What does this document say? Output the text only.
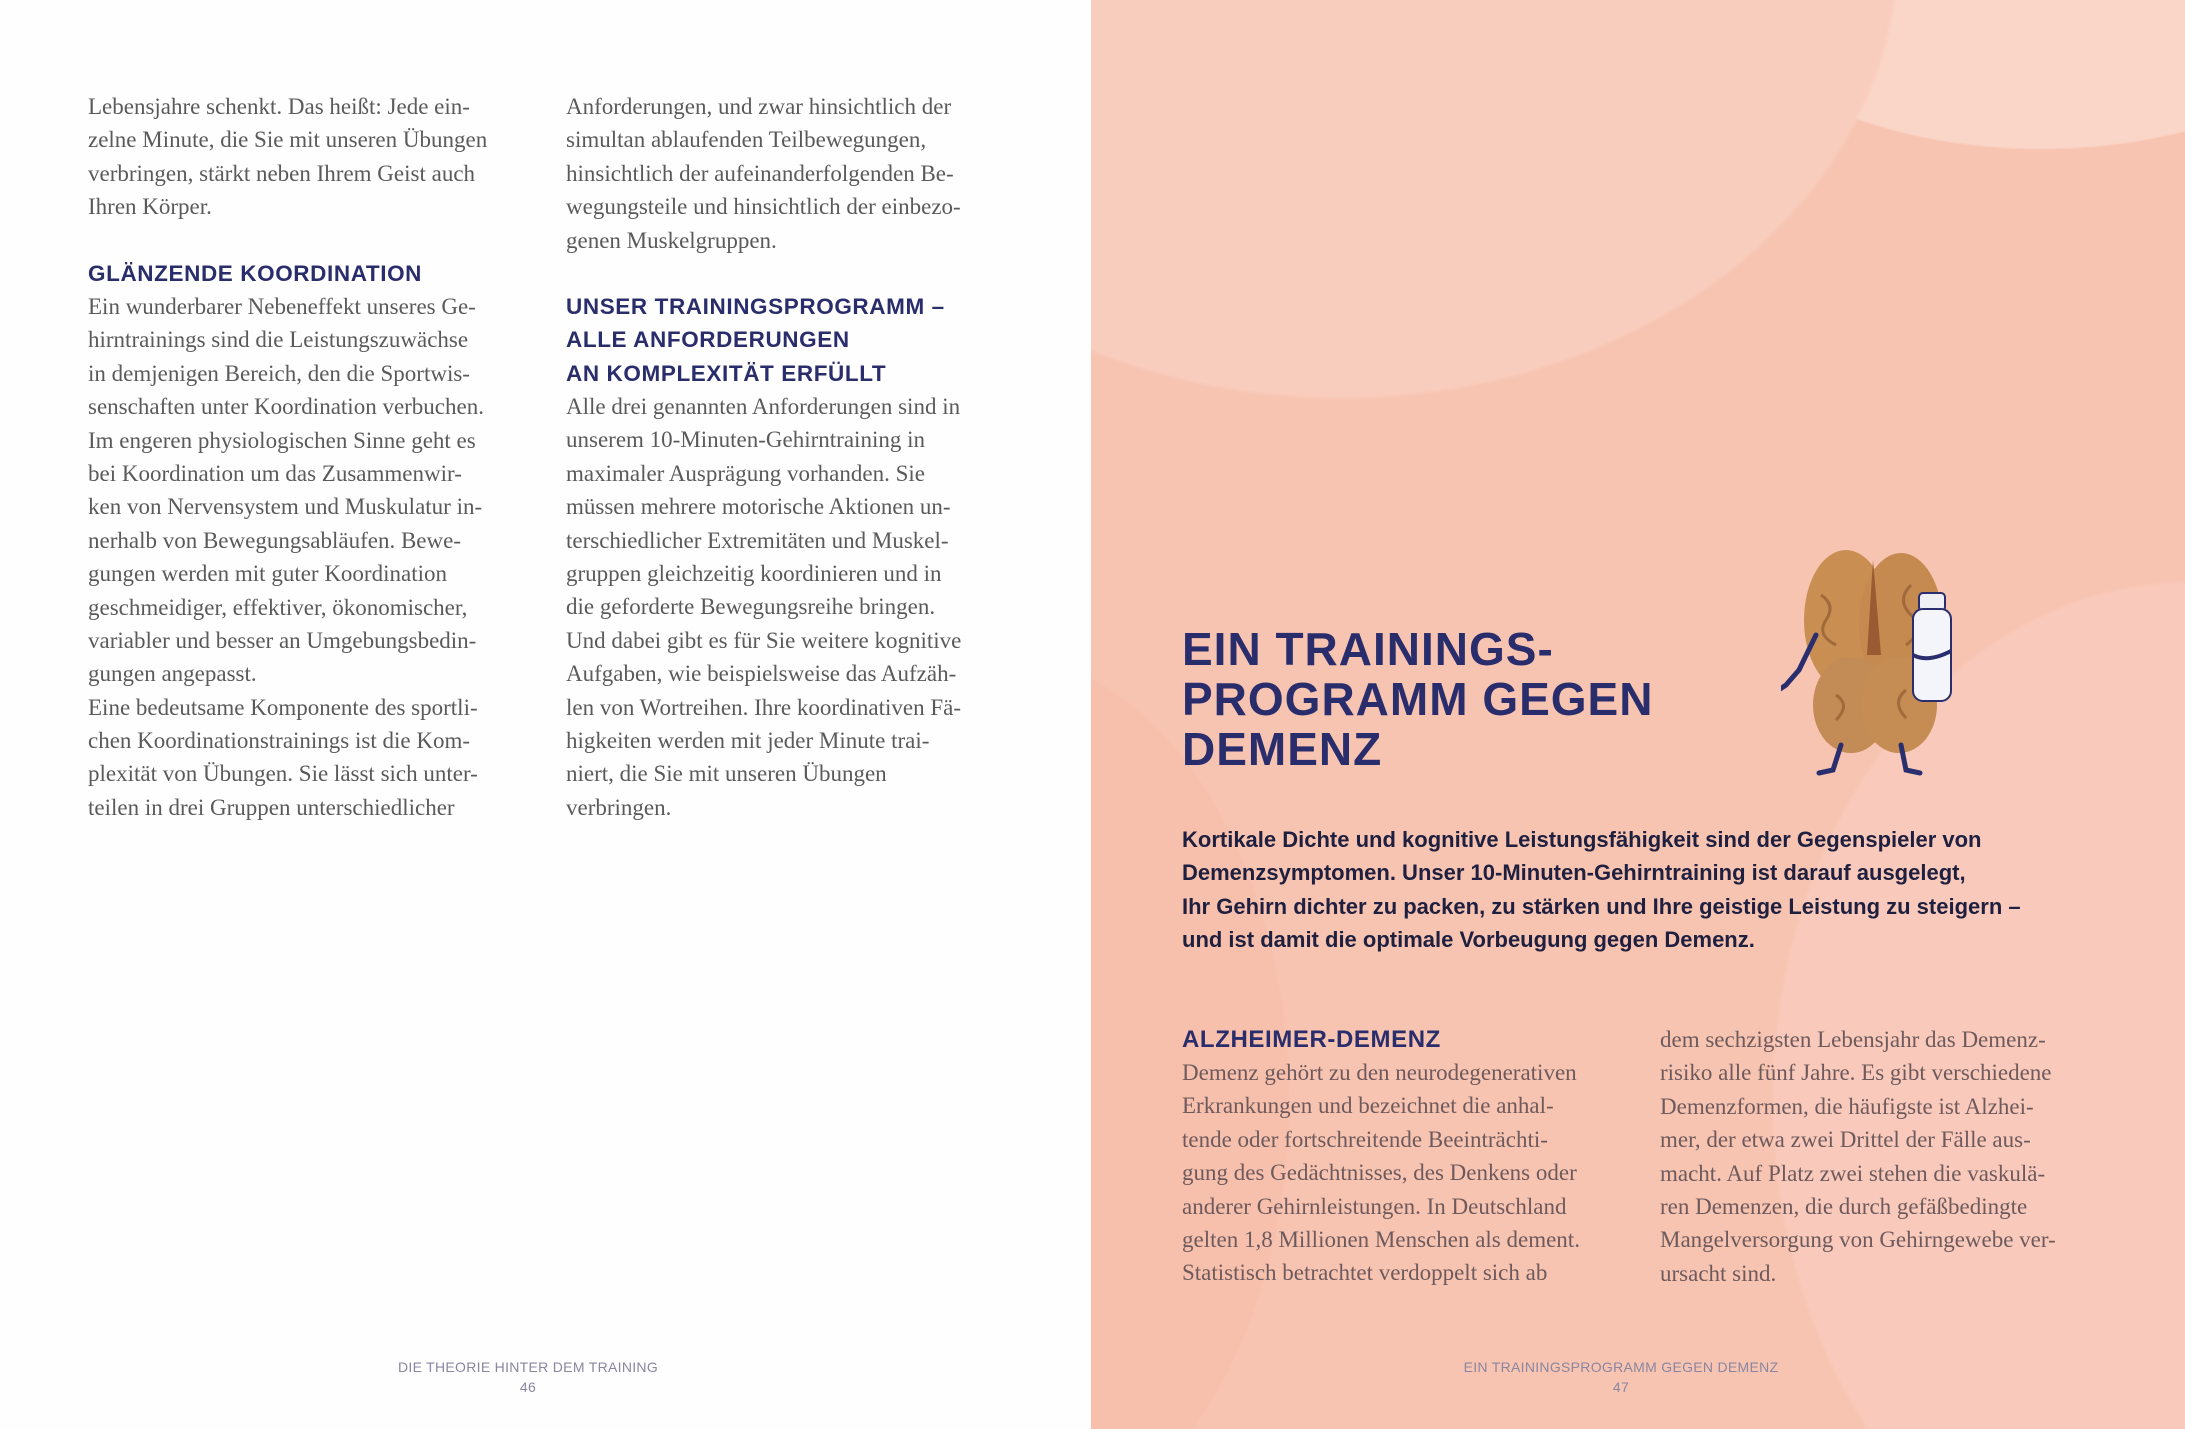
Lebensjahre schenkt. Das heißt: Jede ein-
zelne Minute, die Sie mit unseren Übungen
verbringen, stärkt neben Ihrem Geist auch
Ihren Körper.
GLÄNZENDE KOORDINATION
Ein wunderbarer Nebeneffekt unseres Ge-
hirntrainings sind die Leistungszuwächse
in demjenigen Bereich, den die Sportwis-
senschaften unter Koordination verbuchen.
Im engeren physiologischen Sinne geht es
bei Koordination um das Zusammenwir-
ken von Nervensystem und Muskulatur in-
nerhalb von Bewegungsabläufen. Bewe-
gungen werden mit guter Koordination
geschmeidiger, effektiver, ökonomischer,
variabler und besser an Umgebungsbedin-
gungen angepasst.
Eine bedeutsame Komponente des sportli-
chen Koordinationstrainings ist die Kom-
plexität von Übungen. Sie lässt sich unter-
teilen in drei Gruppen unterschiedlicher
Anforderungen, und zwar hinsichtlich der
simultan ablaufenden Teilbewegungen,
hinsichtlich der aufeinanderfolgenden Be-
wegungsteile und hinsichtlich der einbezo-
genen Muskelgruppen.
UNSER TRAININGSPROGRAMM –
ALLE ANFORDERUNGEN
AN KOMPLEXITÄT ERFÜLLT
Alle drei genannten Anforderungen sind in
unserem 10-Minuten-Gehirntraining in
maximaler Ausprägung vorhanden. Sie
müssen mehrere motorische Aktionen un-
terschiedlicher Extremitäten und Muskel-
gruppen gleichzeitig koordinieren und in
die geforderte Bewegungsreihe bringen.
Und dabei gibt es für Sie weitere kognitive
Aufgaben, wie beispielsweise das Aufzäh-
len von Wortreihen. Ihre koordinativen Fä-
higkeiten werden mit jeder Minute trai-
niert, die Sie mit unseren Übungen
verbringen.
DIE THEORIE HINTER DEM TRAINING
46
EIN TRAININGS-
PROGRAMM GEGEN
DEMENZ
Kortikale Dichte und kognitive Leistungsfähigkeit sind der Gegenspieler von
Demenzsymptomen. Unser 10-Minuten-Gehirntraining ist darauf ausgelegt,
Ihr Gehirn dichter zu packen, zu stärken und Ihre geistige Leistung zu steigern –
und ist damit die optimale Vorbeugung gegen Demenz.
ALZHEIMER-DEMENZ
Demenz gehört zu den neurodegenerativen
Erkrankungen und bezeichnet die anhal-
tende oder fortschreitende Beeinträchti-
gung des Gedächtnisses, des Denkens oder
anderer Gehirnleistungen. In Deutschland
gelten 1,8 Millionen Menschen als dement.
Statistisch betrachtet verdoppelt sich ab
dem sechzigsten Lebensjahr das Demenz-
risiko alle fünf Jahre. Es gibt verschiedene
Demenzformen, die häufigste ist Alzhei-
mer, der etwa zwei Drittel der Fälle aus-
macht. Auf Platz zwei stehen die vaskulä-
ren Demenzen, die durch gefäßbedingte
Mangelversorgung von Gehirngewebe ver-
ursacht sind.
EIN TRAININGSPROGRAMM GEGEN DEMENZ
47
